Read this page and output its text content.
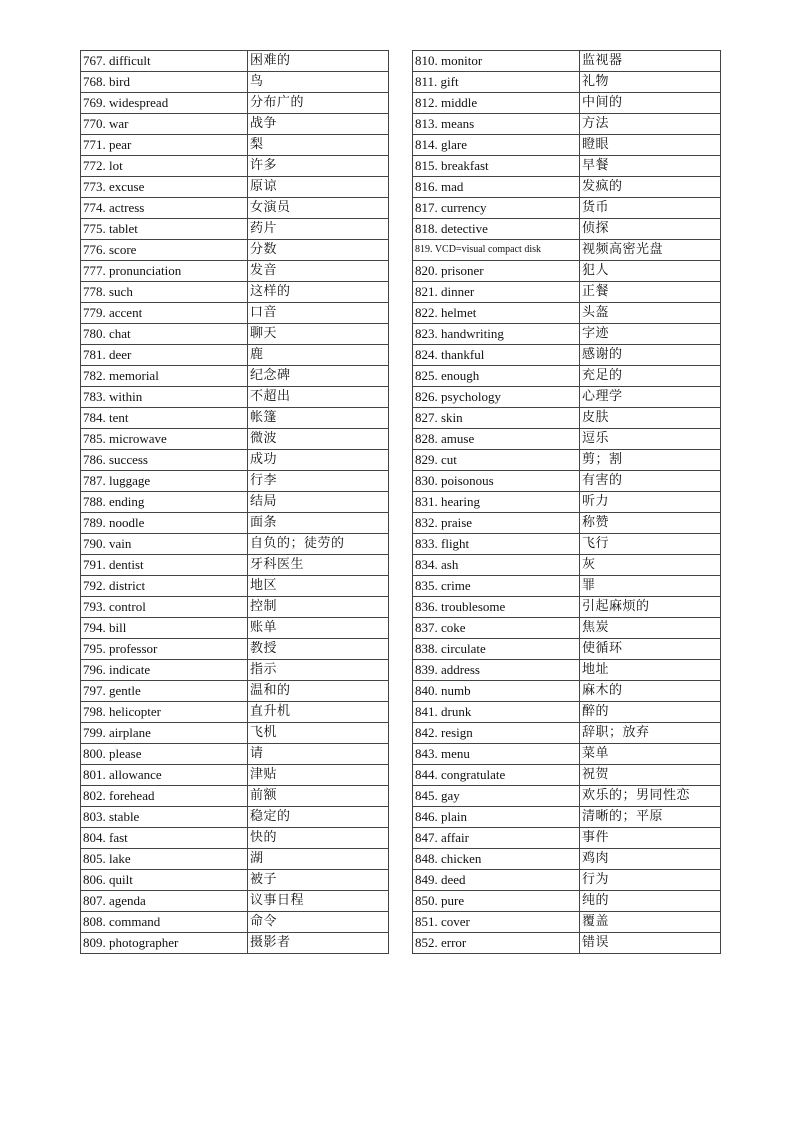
767. difficult	困难的
768. bird	鸟
769. widespread	分布广的
770. war	战争
771. pear	梨
772. lot	许多
773. excuse	原谅
774. actress	女演员
775. tablet	药片
776. score	分数
777. pronunciation	发音
778. such	这样的
779. accent	口音
780. chat	聊天
781. deer	鹿
782. memorial	纪念碑
783. within	不超出
784. tent	帐篷
785. microwave	微波
786. success	成功
787. luggage	行李
788. ending	结局
789. noodle	面条
790. vain	自负的；徒劳的
791. dentist	牙科医生
792. district	地区
793. control	控制
794. bill	账单
795. professor	教授
796. indicate	指示
797. gentle	温和的
798. helicopter	直升机
799. airplane	飞机
800. please	请
801. allowance	津贴
802. forehead	前额
803. stable	稳定的
804. fast	快的
805. lake	湖
806. quilt	被子
807. agenda	议事日程
808. command	命令
809. photographer	摄影者
810. monitor	监视器
811. gift	礼物
812. middle	中间的
813. means	方法
814. glare	瞪眼
815. breakfast	早餐
816. mad	发疯的
817. currency	货币
818. detective	侦探
819. VCD=visual compact disk	视频高密光盘
820. prisoner	犯人
821. dinner	正餐
822. helmet	头盔
823. handwriting	字迹
824. thankful	感谢的
825. enough	充足的
826. psychology	心理学
827. skin	皮肤
828. amuse	逗乐
829. cut	剪；割
830. poisonous	有害的
831. hearing	听力
832. praise	称赞
833. flight	飞行
834. ash	灰
835. crime	罪
836. troublesome	引起麻烦的
837. coke	焦炭
838. circulate	使循环
839. address	地址
840. numb	麻木的
841. drunk	醉的
842. resign	辞职；放弃
843. menu	菜单
844. congratulate	祝贺
845. gay	欢乐的；男同性恋
846. plain	清晰的；平原
847. affair	事件
848. chicken	鸡肉
849. deed	行为
850. pure	纯的
851. cover	覆盖
852. error	错误
